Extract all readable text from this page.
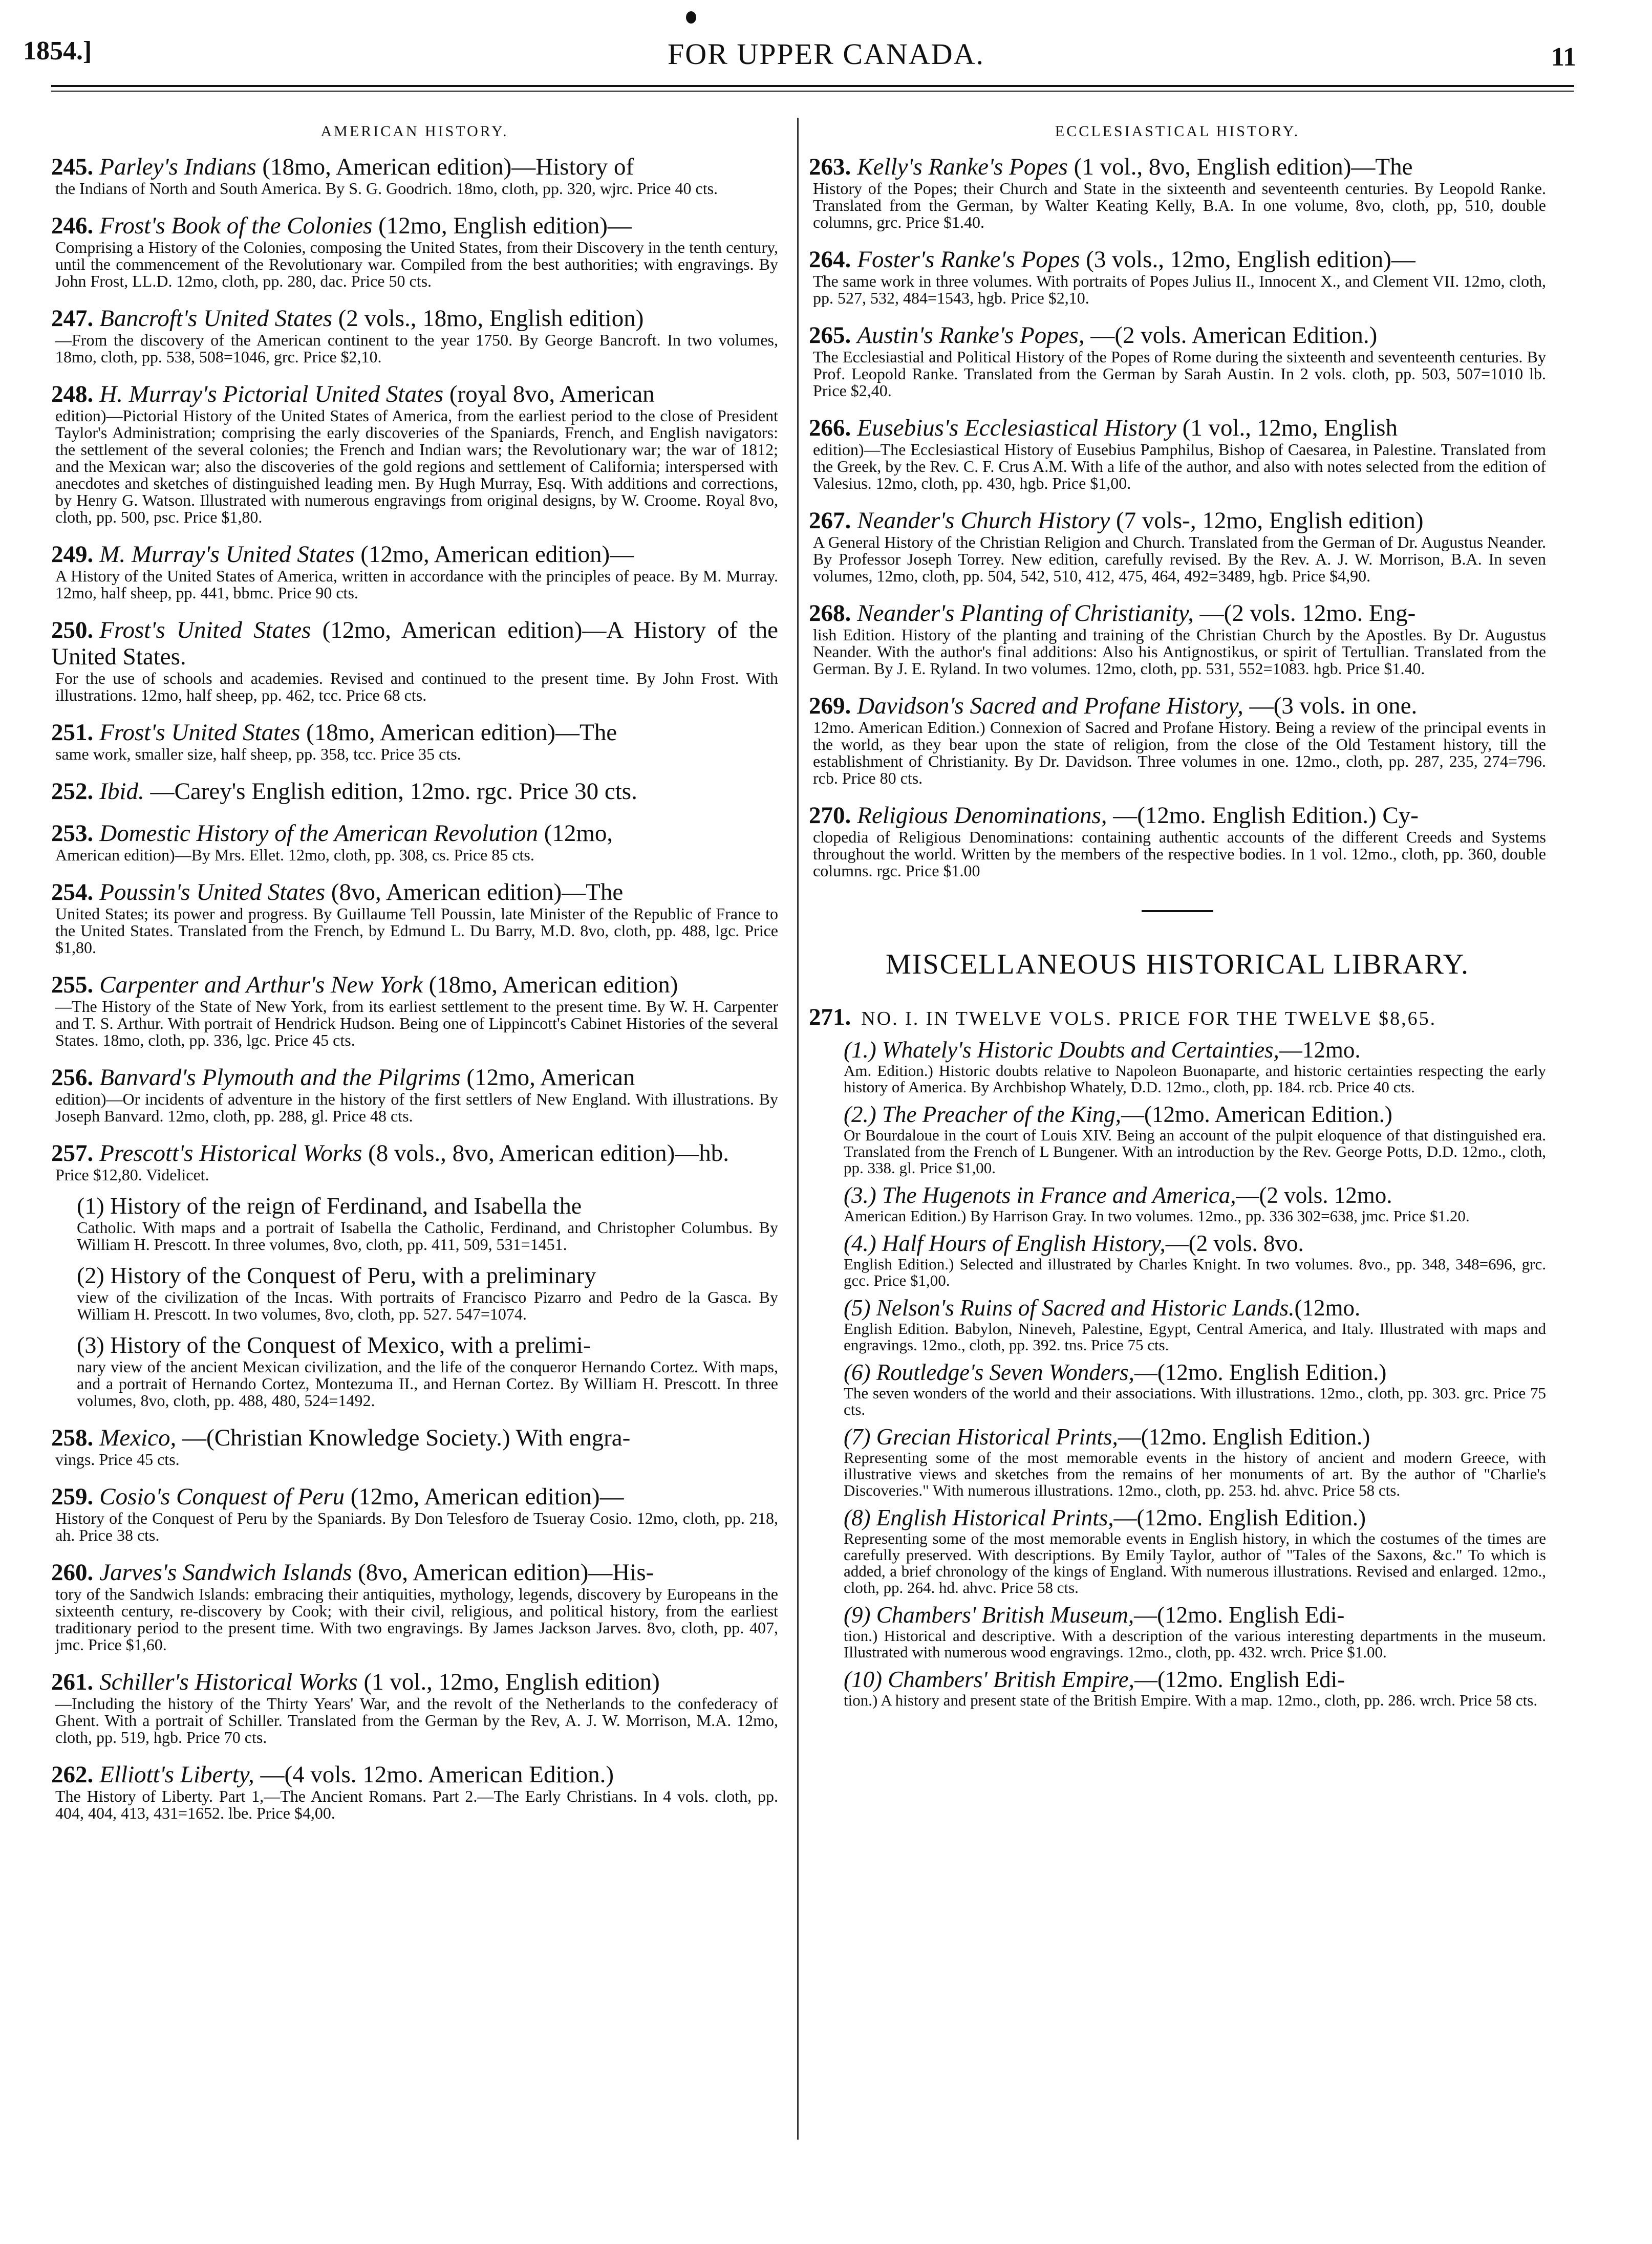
1854.]	FOR UPPER CANADA.	11
AMERICAN HISTORY.
245. Parley's Indians (18mo, American edition)—History of
the Indians of North and South America. By S. G. Goodrich. 18mo, cloth, pp. 320, wjrc. Price 40 cts.
246. Frost's Book of the Colonies (12mo, English edition)—
Comprising a History of the Colonies, composing the United States, from their Discovery in the tenth century, until the commencement of the Revolutionary war. Compiled from the best authorities; with engravings. By John Frost, LL.D. 12mo, cloth, pp. 280, dac. Price 50 cts.
247. Bancroft's United States (2 vols., 18mo, English edition)
—From the discovery of the American continent to the year 1750. By George Bancroft. In two volumes, 18mo, cloth, pp. 538, 508=1046, grc. Price $2,10.
248. H. Murray's Pictorial United States (royal 8vo, American
edition)—Pictorial History of the United States of America, from the earliest period to the close of President Taylor's Administration; comprising the early discoveries of the Spaniards, French, and English navigators: the settlement of the several colonies; the French and Indian wars; the Revolutionary war; the war of 1812; and the Mexican war; also the discoveries of the gold regions and settlement of California; interspersed with anecdotes and sketches of distinguished leading men. By Hugh Murray, Esq. With additions and corrections, by Henry G. Watson. Illustrated with numerous engravings from original designs, by W. Croome. Royal 8vo, cloth, pp. 500, psc. Price $1,80.
249. M. Murray's United States (12mo, American edition)—
A History of the United States of America, written in accordance with the principles of peace. By M. Murray. 12mo, half sheep, pp. 441, bbmc. Price 90 cts.
250. Frost's United States (12mo, American edition)—A History of the United States.
For the use of schools and academies. Revised and continued to the present time. By John Frost. With illustrations. 12mo, half sheep, pp. 462, tcc. Price 68 cts.
251. Frost's United States (18mo, American edition)—The
same work, smaller size, half sheep, pp. 358, tcc. Price 35 cts.
252. Ibid. —Carey's English edition, 12mo. rgc. Price 30 cts.
253. Domestic History of the American Revolution (12mo,
American edition)—By Mrs. Ellet. 12mo, cloth, pp. 308, cs. Price 85 cts.
254. Poussin's United States (8vo, American edition)—The
United States; its power and progress. By Guillaume Tell Poussin, late Minister of the Republic of France to the United States. Translated from the French, by Edmund L. Du Barry, M.D. 8vo, cloth, pp. 488, lgc. Price $1,80.
255. Carpenter and Arthur's New York (18mo, American edition)
—The History of the State of New York, from its earliest settlement to the present time. By W. H. Carpenter and T. S. Arthur. With portrait of Hendrick Hudson. Being one of Lippincott's Cabinet Histories of the several States. 18mo, cloth, pp. 336, lgc. Price 45 cts.
256. Banvard's Plymouth and the Pilgrims (12mo, American
edition)—Or incidents of adventure in the history of the first settlers of New England. With illustrations. By Joseph Banvard. 12mo, cloth, pp. 288, gl. Price 48 cts.
257. Prescott's Historical Works (8 vols., 8vo, American edition)—hb.
Price $12,80. Videlicet.
(1) History of the reign of Ferdinand, and Isabella the
Catholic. With maps and a portrait of Isabella the Catholic, Ferdinand, and Christopher Columbus. By William H. Prescott. In three volumes, 8vo, cloth, pp. 411, 509, 531=1451.
(2) History of the Conquest of Peru, with a preliminary
view of the civilization of the Incas. With portraits of Francisco Pizarro and Pedro de la Gasca. By William H. Prescott. In two volumes, 8vo, cloth, pp. 527. 547=1074.
(3) History of the Conquest of Mexico, with a prelimi-
nary view of the ancient Mexican civilization, and the life of the conqueror Hernando Cortez. With maps, and a portrait of Hernando Cortez, Montezuma II., and Hernan Cortez. By William H. Prescott. In three volumes, 8vo, cloth, pp. 488, 480, 524=1492.
258. Mexico, —(Christian Knowledge Society.) With engra-
vings. Price 45 cts.
259. Cosio's Conquest of Peru (12mo, American edition)—
History of the Conquest of Peru by the Spaniards. By Don Telesforo de Tsueray Cosio. 12mo, cloth, pp. 218, ah. Price 38 cts.
260. Jarves's Sandwich Islands (8vo, American edition)—His-
tory of the Sandwich Islands: embracing their antiquities, mythology, legends, discovery by Europeans in the sixteenth century, re-discovery by Cook; with their civil, religious, and political history, from the earliest traditionary period to the present time. With two engravings. By James Jackson Jarves. 8vo, cloth, pp. 407, jmc. Price $1,60.
261. Schiller's Historical Works (1 vol., 12mo, English edition)
—Including the history of the Thirty Years' War, and the revolt of the Netherlands to the confederacy of Ghent. With a portrait of Schiller. Translated from the German by the Rev, A. J. W. Morrison, M.A. 12mo, cloth, pp. 519, hgb. Price 70 cts.
262. Elliott's Liberty, —(4 vols. 12mo. American Edition.)
The History of Liberty. Part 1,—The Ancient Romans. Part 2.—The Early Christians. In 4 vols. cloth, pp. 404, 404, 413, 431=1652. lbe. Price $4,00.
ECCLESIASTICAL HISTORY.
263. Kelly's Ranke's Popes (1 vol., 8vo, English edition)—The
History of the Popes; their Church and State in the sixteenth and seventeenth centuries. By Leopold Ranke. Translated from the German, by Walter Keating Kelly, B.A. In one volume, 8vo, cloth, pp, 510, double columns, grc. Price $1.40.
264. Foster's Ranke's Popes (3 vols., 12mo, English edition)—
The same work in three volumes. With portraits of Popes Julius II., Innocent X., and Clement VII. 12mo, cloth, pp. 527, 532, 484=1543, hgb. Price $2,10.
265. Austin's Ranke's Popes, —(2 vols. American Edition.)
The Ecclesiastial and Political History of the Popes of Rome during the sixteenth and seventeenth centuries. By Prof. Leopold Ranke. Translated from the German by Sarah Austin. In 2 vols. cloth, pp. 503, 507=1010 lb. Price $2,40.
266. Eusebius's Ecclesiastical History (1 vol., 12mo, English
edition)—The Ecclesiastical History of Eusebius Pamphilus, Bishop of Caesarea, in Palestine. Translated from the Greek, by the Rev. C. F. Crus A.M. With a life of the author, and also with notes selected from the edition of Valesius. 12mo, cloth, pp. 430, hgb. Price $1,00.
267. Neander's Church History (7 vols-, 12mo, English edition)
A General History of the Christian Religion and Church. Translated from the German of Dr. Augustus Neander. By Professor Joseph Torrey. New edition, carefully revised. By the Rev. A. J. W. Morrison, B.A. In seven volumes, 12mo, cloth, pp. 504, 542, 510, 412, 475, 464, 492=3489, hgb. Price $4,90.
268. Neander's Planting of Christianity, —(2 vols. 12mo. Eng-
lish Edition. History of the planting and training of the Christian Church by the Apostles. By Dr. Augustus Neander. With the author's final additions: Also his Antignostikus, or spirit of Tertullian. Translated from the German. By J. E. Ryland. In two volumes. 12mo, cloth, pp. 531, 552=1083. hgb. Price $1.40.
269. Davidson's Sacred and Profane History, —(3 vols. in one.
12mo. American Edition.) Connexion of Sacred and Profane History. Being a review of the principal events in the world, as they bear upon the state of religion, from the close of the Old Testament history, till the establishment of Christianity. By Dr. Davidson. Three volumes in one. 12mo., cloth, pp. 287, 235, 274=796. rcb. Price 80 cts.
270. Religious Denominations, —(12mo. English Edition.) Cy-
clopedia of Religious Denominations: containing authentic accounts of the different Creeds and Systems throughout the world. Written by the members of the respective bodies. In 1 vol. 12mo., cloth, pp. 360, double columns. rgc. Price $1.00
MISCELLANEOUS HISTORICAL LIBRARY.
271. NO. I. IN TWELVE VOLS. PRICE FOR THE TWELVE $8,65.
(1.) Whately's Historic Doubts and Certainties,—12mo.
Am. Edition.) Historic doubts relative to Napoleon Buonaparte, and historic certainties respecting the early history of America. By Archbishop Whately, D.D. 12mo., cloth, pp. 184. rcb. Price 40 cts.
(2.) The Preacher of the King,—(12mo. American Edition.)
Or Bourdaloue in the court of Louis XIV. Being an account of the pulpit eloquence of that distinguished era. Translated from the French of L Bungener. With an introduction by the Rev. George Potts, D.D. 12mo., cloth, pp. 338. gl. Price $1,00.
(3.) The Hugenots in France and America,—(2 vols. 12mo.
American Edition.) By Harrison Gray. In two volumes. 12mo., pp. 336 302=638, jmc. Price $1.20.
(4.) Half Hours of English History,—(2 vols. 8vo.
English Edition.) Selected and illustrated by Charles Knight. In two volumes. 8vo., pp. 348, 348=696, grc. gcc. Price $1,00.
(5) Nelson's Ruins of Sacred and Historic Lands.(12mo.
English Edition. Babylon, Nineveh, Palestine, Egypt, Central America, and Italy. Illustrated with maps and engravings. 12mo., cloth, pp. 392. tns. Price 75 cts.
(6) Routledge's Seven Wonders,—(12mo. English Edition.)
The seven wonders of the world and their associations. With illustrations. 12mo., cloth, pp. 303. grc. Price 75 cts.
(7) Grecian Historical Prints,—(12mo. English Edition.)
Representing some of the most memorable events in the history of ancient and modern Greece, with illustrative views and sketches from the remains of her monuments of art. By the author of "Charlie's Discoveries." With numerous illustrations. 12mo., cloth, pp. 253. hd. ahvc. Price 58 cts.
(8) English Historical Prints,—(12mo. English Edition.)
Representing some of the most memorable events in English history, in which the costumes of the times are carefully preserved. With descriptions. By Emily Taylor, author of "Tales of the Saxons, &c." To which is added, a brief chronology of the kings of England. With numerous illustrations. Revised and enlarged. 12mo., cloth, pp. 264. hd. ahvc. Price 58 cts.
(9) Chambers' British Museum,—(12mo. English Edi-
tion.) Historical and descriptive. With a description of the various interesting departments in the museum. Illustrated with numerous wood engravings. 12mo., cloth, pp. 432. wrch. Price $1.00.
(10) Chambers' British Empire,—(12mo. English Edi-
tion.) A history and present state of the British Empire. With a map. 12mo., cloth, pp. 286. wrch. Price 58 cts.
